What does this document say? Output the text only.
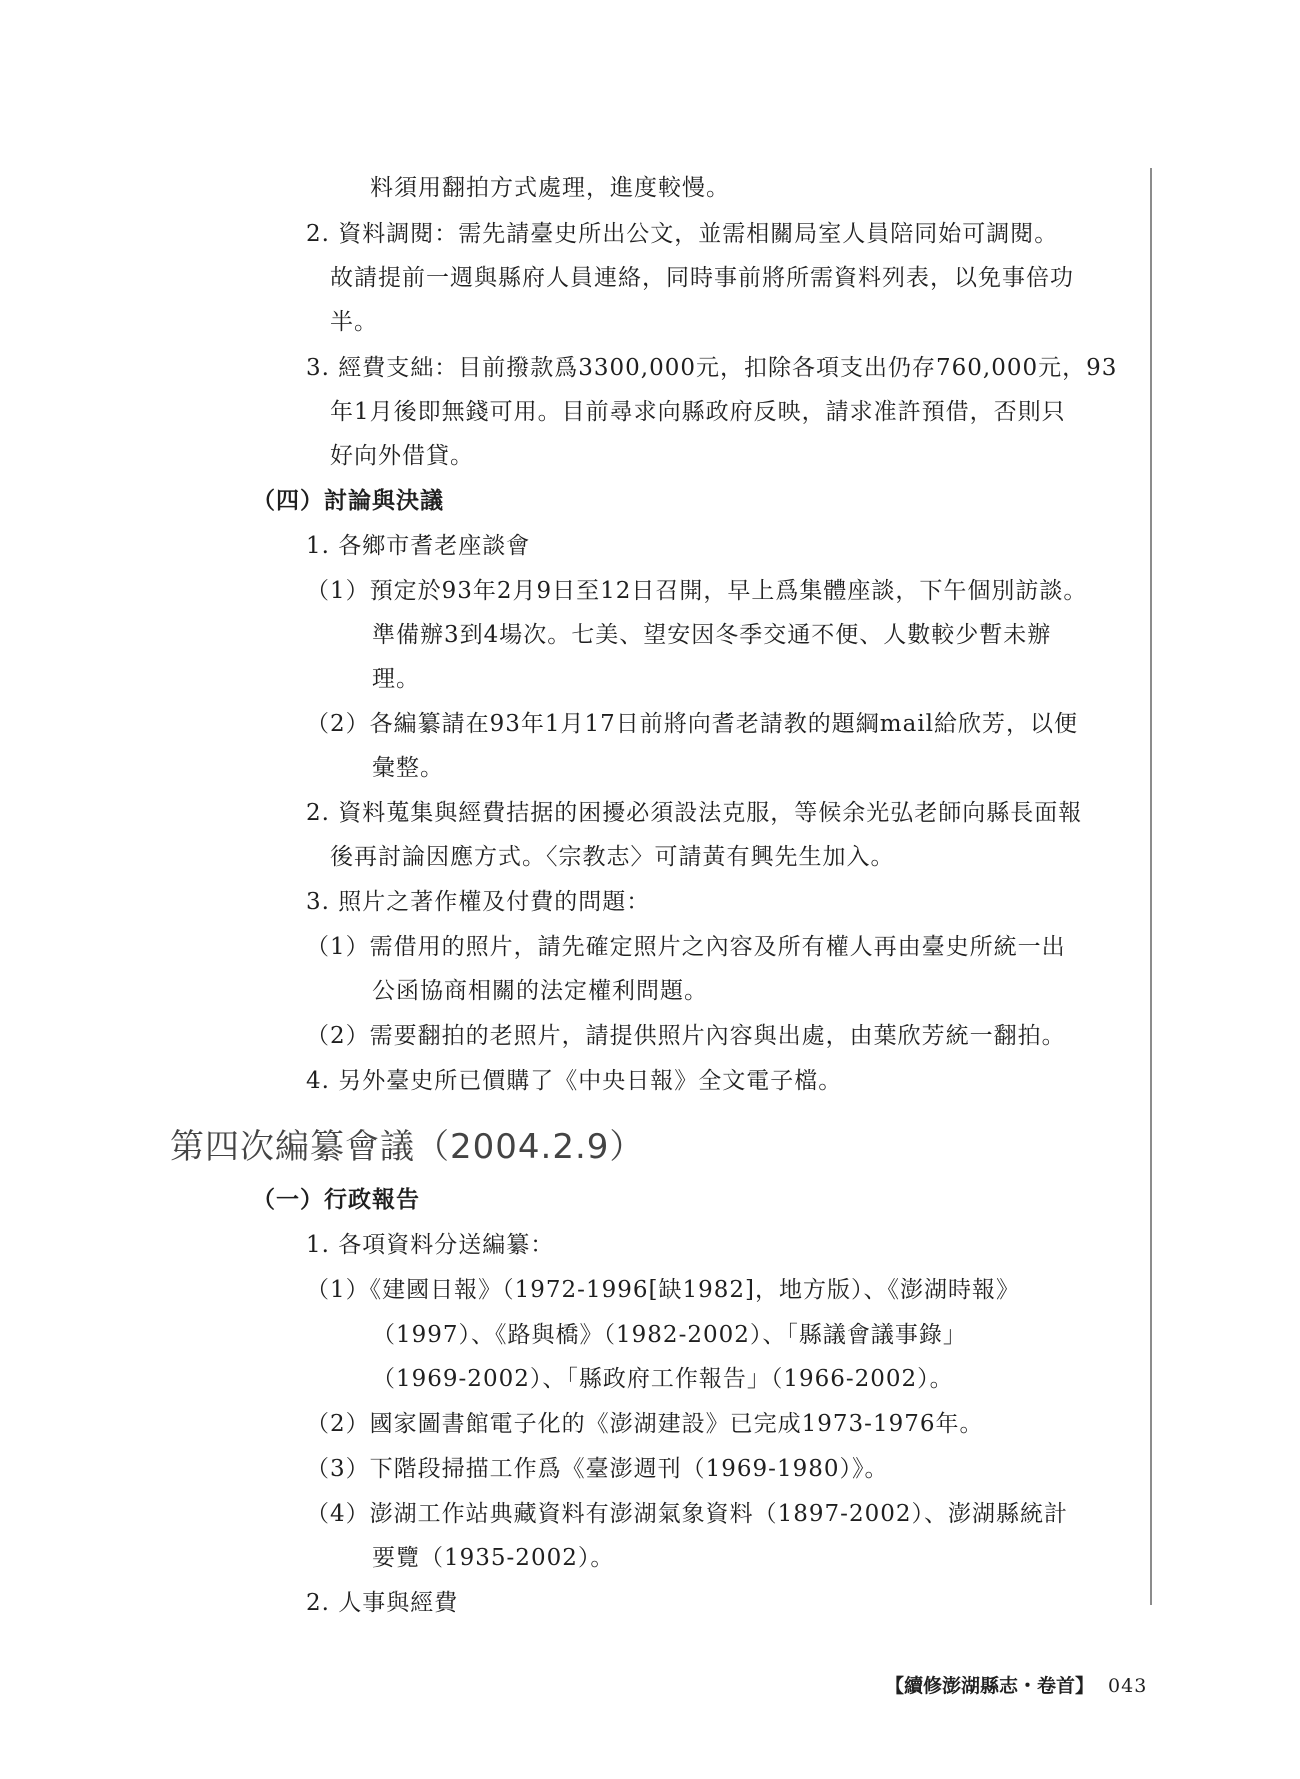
料須用翻拍方式處理，進度較慢。
2. 資料調閱：需先請臺史所出公文，並需相關局室人員陪同始可調閱。
故請提前一週與縣府人員連絡，同時事前將所需資料列表，以免事倍功
半。
3. 經費支絀：目前撥款爲3300,000元，扣除各項支出仍存760,000元，93
年1月後即無錢可用。目前尋求向縣政府反映，請求准許預借，否則只
好向外借貸。
（四）討論與決議
1. 各鄉市耆老座談會
（1）預定於93年2月9日至12日召開，早上爲集體座談，下午個別訪談。
準備辦3到4場次。七美、望安因冬季交通不便、人數較少暫未辦
理。
（2）各編纂請在93年1月17日前將向耆老請教的題綱mail給欣芳，以便
彙整。
2. 資料蒐集與經費拮据的困擾必須設法克服，等候余光弘老師向縣長面報
後再討論因應方式。〈宗教志〉可請黃有興先生加入。
3. 照片之著作權及付費的問題：
（1）需借用的照片，請先確定照片之內容及所有權人再由臺史所統一出
公函協商相關的法定權利問題。
（2）需要翻拍的老照片，請提供照片內容與出處，由葉欣芳統一翻拍。
4. 另外臺史所已價購了《中央日報》全文電子檔。
（一）行政報告
1. 各項資料分送編纂：
（1）《建國日報》（1972-1996[缺1982]，地方版）、《澎湖時報》
（1997）、《路與橋》（1982-2002）、「縣議會議事錄」
（1969-2002）、「縣政府工作報告」（1966-2002）。
（2）國家圖書館電子化的《澎湖建設》已完成1973-1976年。
（3）下階段掃描工作爲《臺澎週刊（1969-1980）》。
（4）澎湖工作站典藏資料有澎湖氣象資料（1897-2002）、澎湖縣統計
要覽（1935-2002）。
2. 人事與經費
第四次編纂會議（2004.2.9）
【續修澎湖縣志・卷首】 043
